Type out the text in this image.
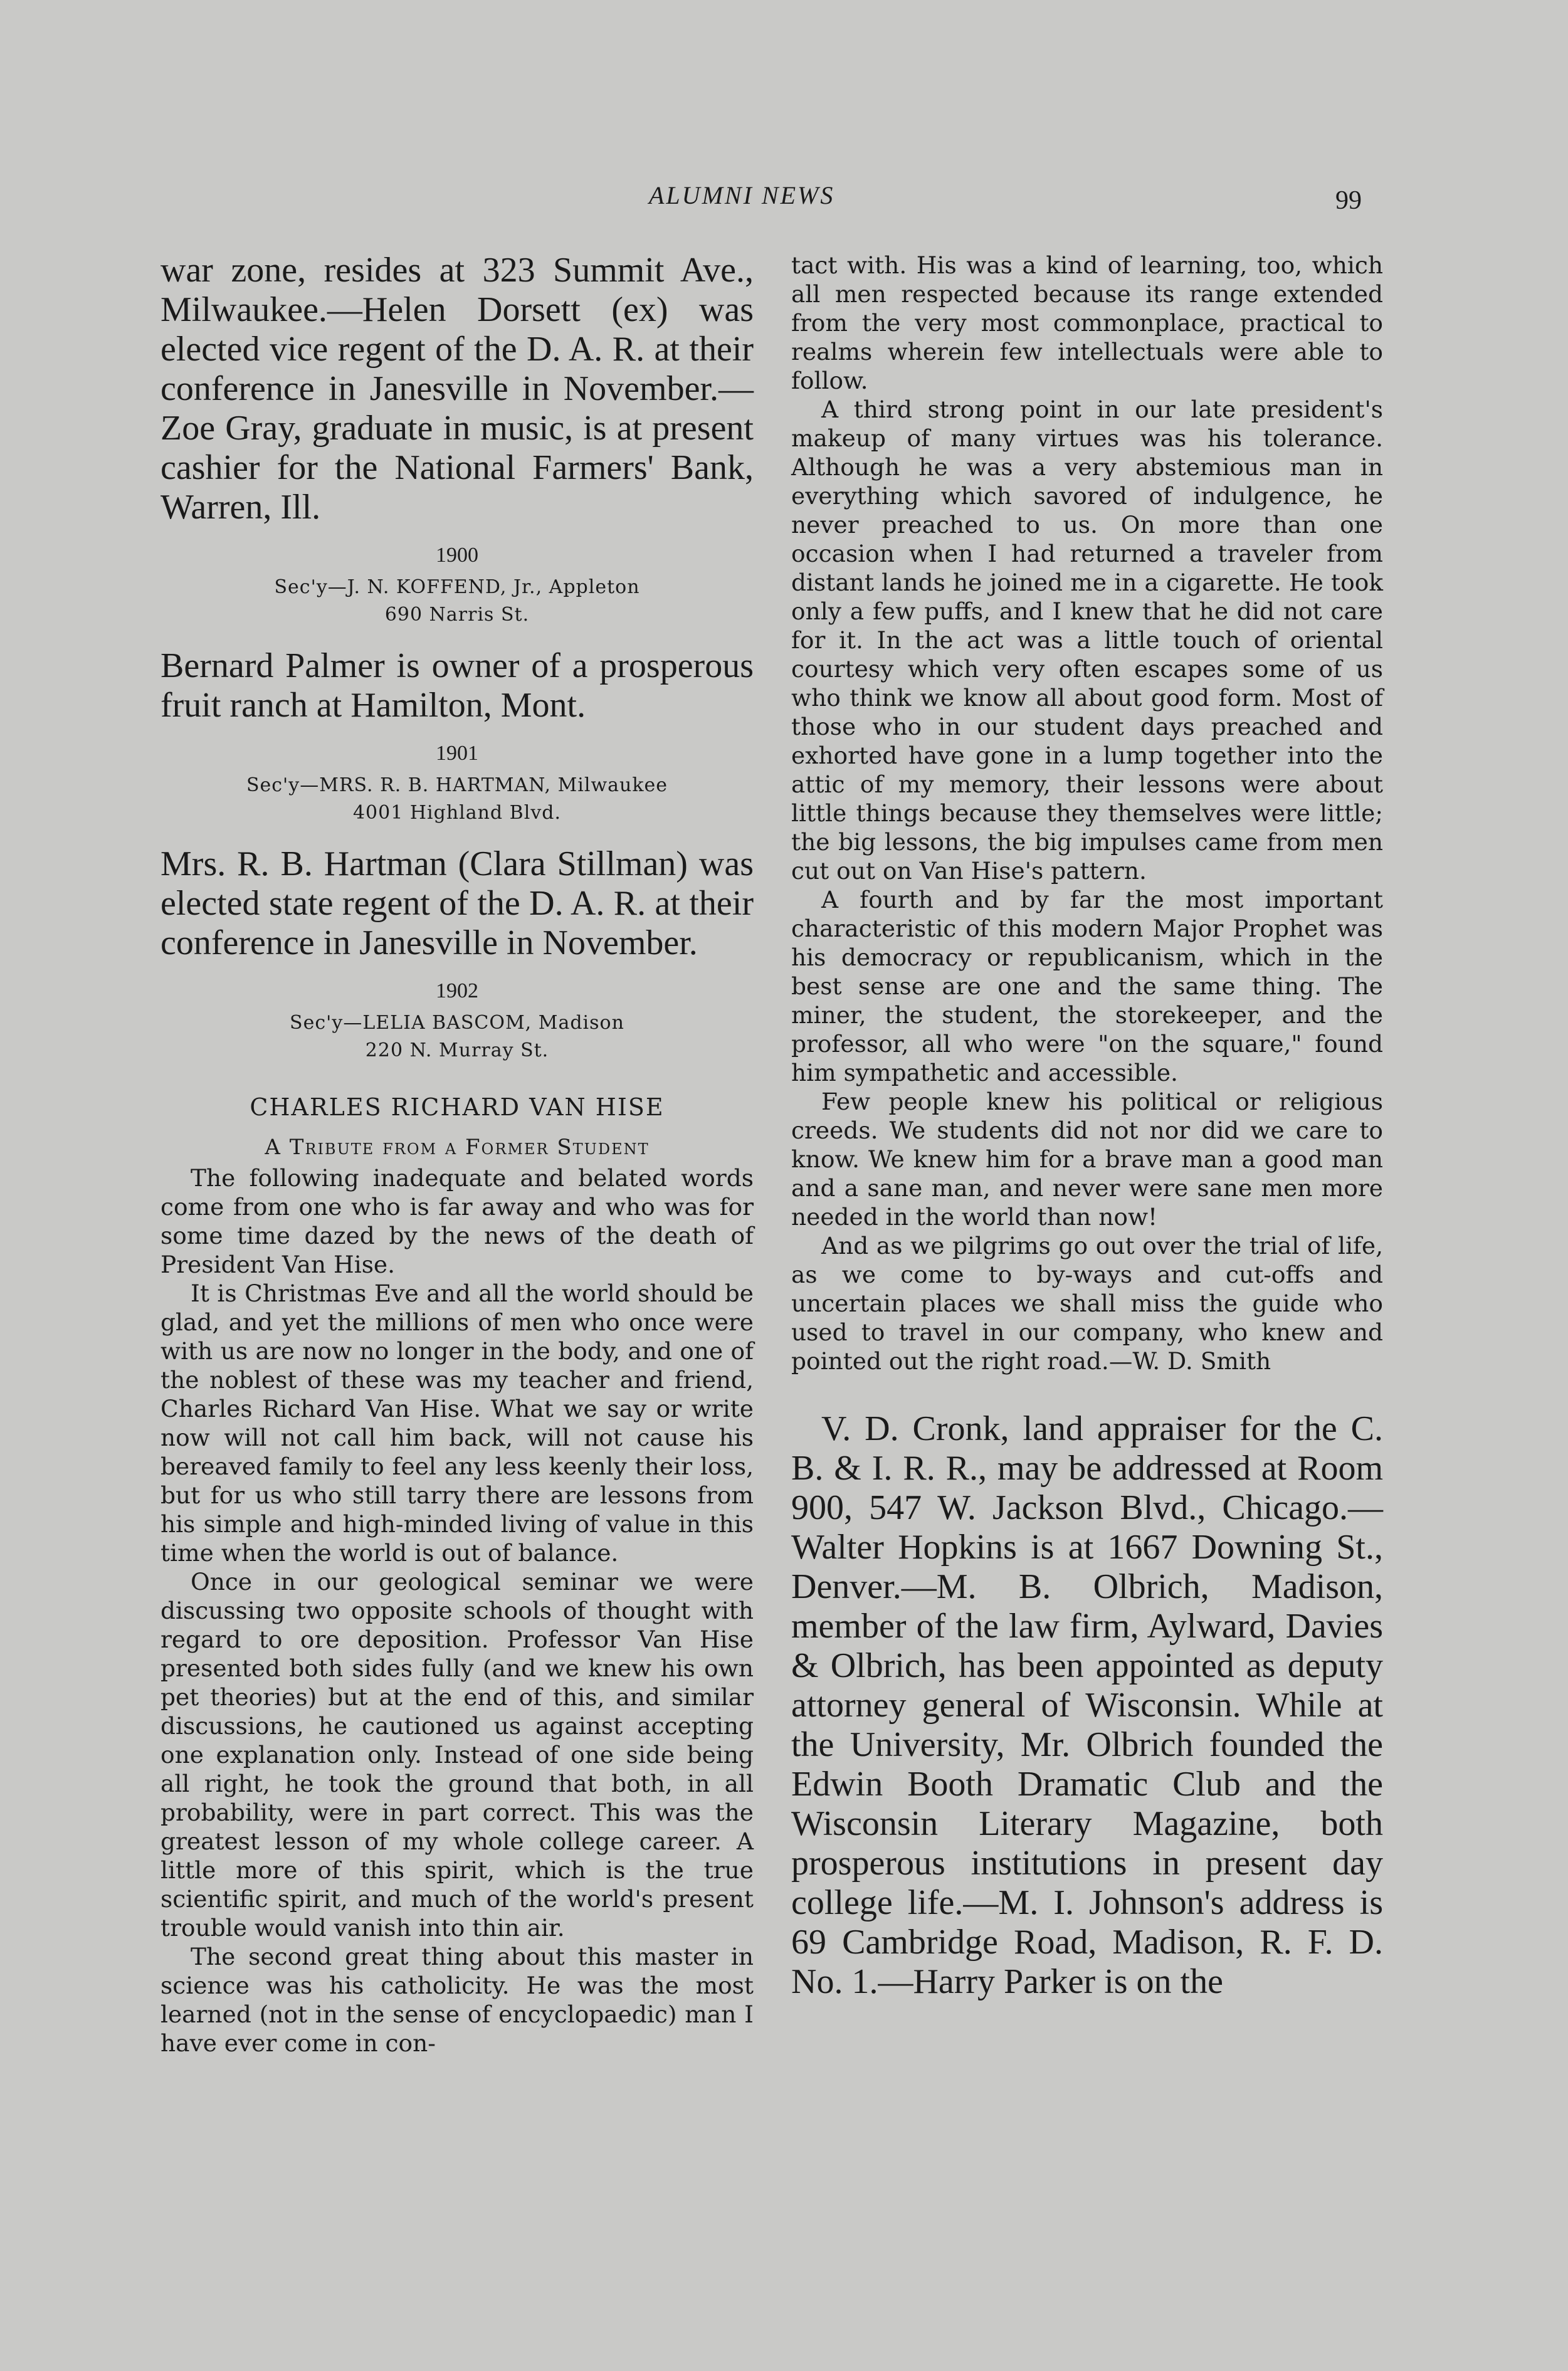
ALUMNI NEWS	99

war zone, resides at 323 Summit Ave., Milwaukee.—Helen Dorsett (ex) was elected vice regent of the D. A. R. at their conference in Janesville in November.—Zoe Gray, graduate in music, is at present cashier for the National Farmers' Bank, Warren, Ill.

1900
Sec'y—J. N. KOFFEND, Jr., Appleton
690 Narris St.

Bernard Palmer is owner of a prosperous fruit ranch at Hamilton, Mont.

1901
Sec'y—MRS. R. B. HARTMAN, Milwaukee
4001 Highland Blvd.

Mrs. R. B. Hartman (Clara Stillman) was elected state regent of the D. A. R. at their conference in Janesville in November.

1902
Sec'y—LELIA BASCOM, Madison
220 N. Murray St.
CHARLES RICHARD VAN HISE
A Tribute from a Former Student

The following inadequate and belated words come from one who is far away and who was for some time dazed by the news of the death of President Van Hise.

It is Christmas Eve and all the world should be glad, and yet the millions of men who once were with us are now no longer in the body, and one of the noblest of these was my teacher and friend, Charles Richard Van Hise. What we say or write now will not call him back, will not cause his bereaved family to feel any less keenly their loss, but for us who still tarry there are lessons from his simple and high-minded living of value in this time when the world is out of balance.

Once in our geological seminar we were discussing two opposite schools of thought with regard to ore deposition. Professor Van Hise presented both sides fully (and we knew his own pet theories) but at the end of this, and similar discussions, he cautioned us against accepting one explanation only. Instead of one side being all right, he took the ground that both, in all probability, were in part correct. This was the greatest lesson of my whole college career. A little more of this spirit, which is the true scientific spirit, and much of the world's present trouble would vanish into thin air.

The second great thing about this master in science was his catholicity. He was the most learned (not in the sense of encyclopaedic) man I have ever come in con-

tact with. His was a kind of learning, too, which all men respected because its range extended from the very most commonplace, practical to realms wherein few intellectuals were able to follow.

A third strong point in our late president's makeup of many virtues was his tolerance. Although he was a very abstemious man in everything which savored of indulgence, he never preached to us. On more than one occasion when I had returned a traveler from distant lands he joined me in a cigarette. He took only a few puffs, and I knew that he did not care for it. In the act was a little touch of oriental courtesy which very often escapes some of us who think we know all about good form. Most of those who in our student days preached and exhorted have gone in a lump together into the attic of my memory, their lessons were about little things because they themselves were little; the big lessons, the big impulses came from men cut out on Van Hise's pattern.

A fourth and by far the most important characteristic of this modern Major Prophet was his democracy or republicanism, which in the best sense are one and the same thing. The miner, the student, the storekeeper, and the professor, all who were "on the square," found him sympathetic and accessible.

Few people knew his political or religious creeds. We students did not nor did we care to know. We knew him for a brave man a good man and a sane man, and never were sane men more needed in the world than now!

And as we pilgrims go out over the trial of life, as we come to by-ways and cut-offs and uncertain places we shall miss the guide who used to travel in our company, who knew and pointed out the right road.—W. D. Smith

V. D. Cronk, land appraiser for the C. B. & I. R. R., may be addressed at Room 900, 547 W. Jackson Blvd., Chicago.—Walter Hopkins is at 1667 Downing St., Denver.—M. B. Olbrich, Madison, member of the law firm, Aylward, Davies & Olbrich, has been appointed as deputy attorney general of Wisconsin. While at the University, Mr. Olbrich founded the Edwin Booth Dramatic Club and the Wisconsin Literary Magazine, both prosperous institutions in present day college life.—M. I. Johnson's address is 69 Cambridge Road, Madison, R. F. D. No. 1.—Harry Parker is on the
